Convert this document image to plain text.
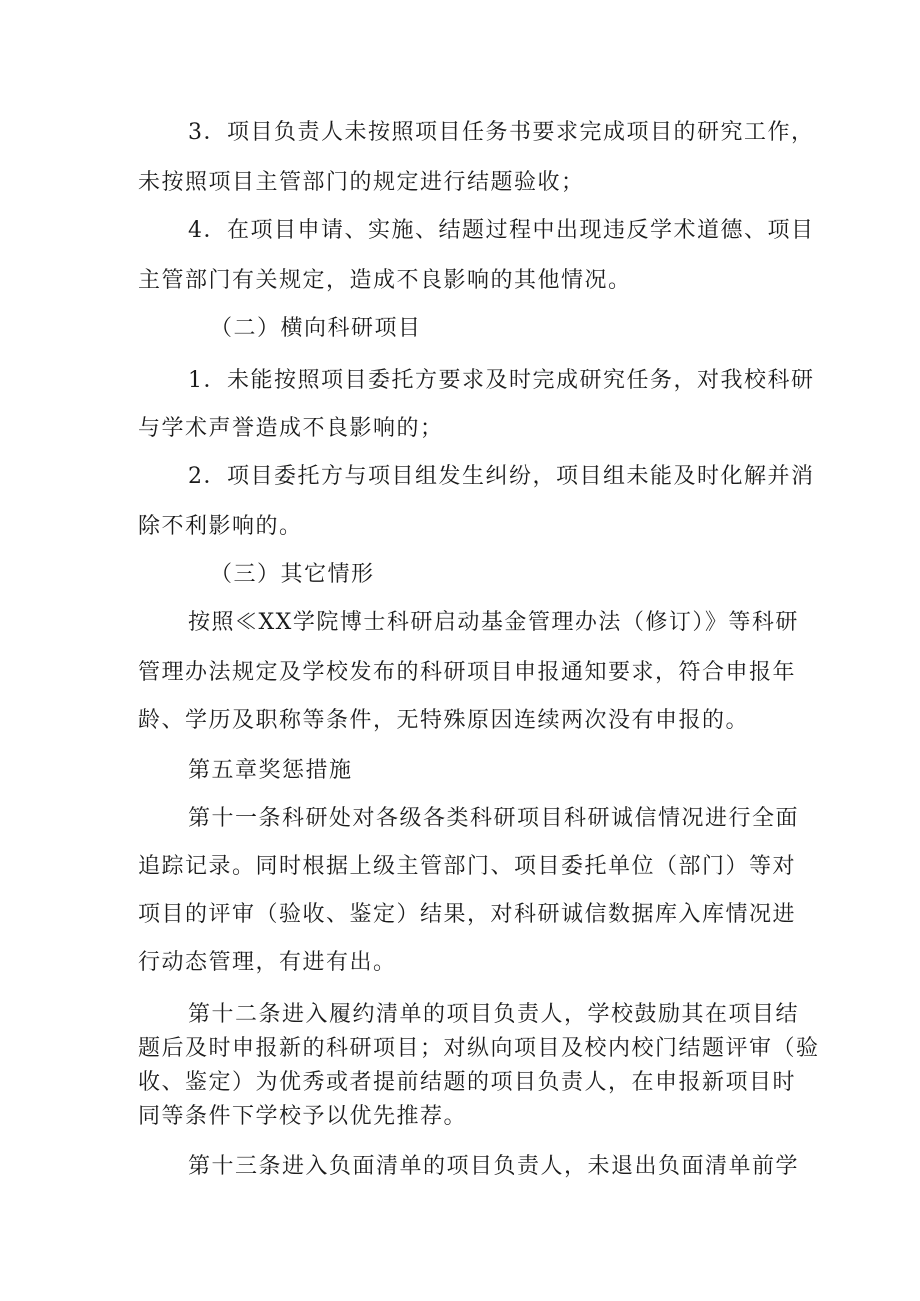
3．项目负责人未按照项目任务书要求完成项目的研究工作，
未按照项目主管部门的规定进行结题验收；
4．在项目申请、实施、结题过程中出现违反学术道德、项目
主管部门有关规定，造成不良影响的其他情况。
（二）横向科研项目
1．未能按照项目委托方要求及时完成研究任务，对我校科研
与学术声誉造成不良影响的；
2．项目委托方与项目组发生纠纷，项目组未能及时化解并消
除不利影响的。
（三）其它情形
按照≪XX学院博士科研启动基金管理办法（修订）》等科研
管理办法规定及学校发布的科研项目申报通知要求，符合申报年
龄、学历及职称等条件，无特殊原因连续两次没有申报的。
第五章奖惩措施
第十一条科研处对各级各类科研项目科研诚信情况进行全面
追踪记录。同时根据上级主管部门、项目委托单位（部门）等对
项目的评审（验收、鉴定）结果，对科研诚信数据库入库情况进
行动态管理，有进有出。
第十二条进入履约清单的项目负责人，学校鼓励其在项目结
题后及时申报新的科研项目；对纵向项目及校内校门结题评审（验
收、鉴定）为优秀或者提前结题的项目负责人，在申报新项目时
同等条件下学校予以优先推荐。
第十三条进入负面清单的项目负责人，未退出负面清单前学
